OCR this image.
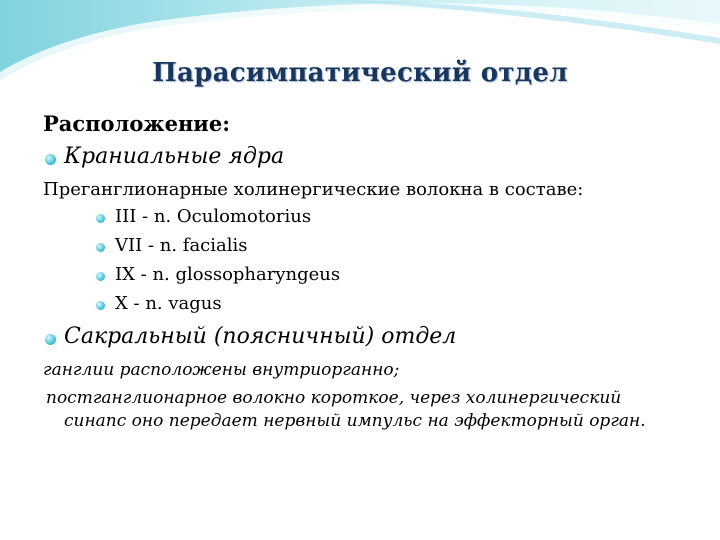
Парасимпатический отдел
Расположение:
Краниальные ядра
Преганглионарные холинергические волокна в составе:
III - n. Oculomotorius
VII - n. facialis
IX - n. glossopharyngeus
X - n. vagus
Сакральный (поясничный) отдел
ганглии расположены внутриорганно;
постганглионарное волокно короткое, через холинергический
синапс оно передает нервный импульс на эффекторный орган.
